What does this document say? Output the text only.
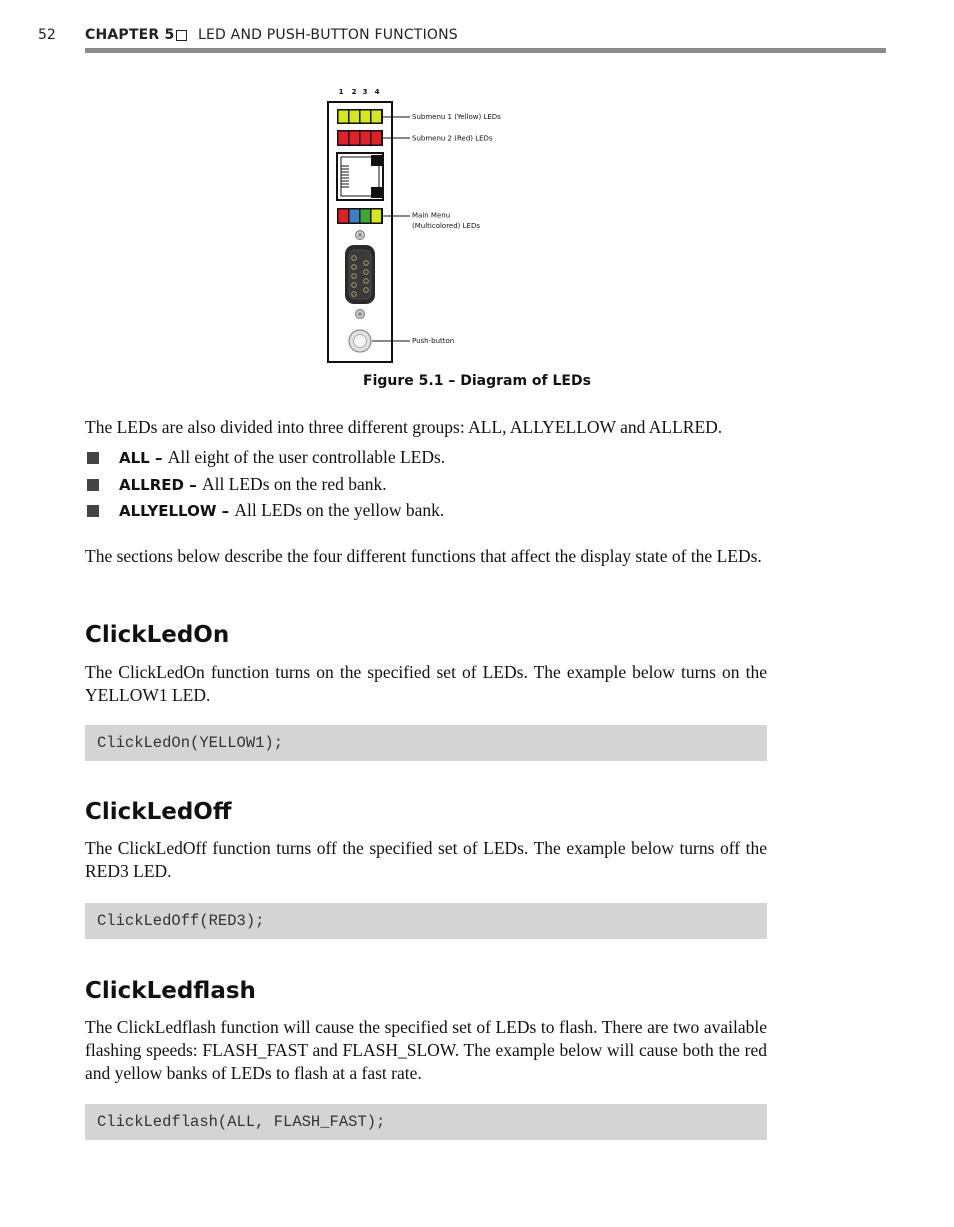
52 CHAPTER 5 LED AND PUSH-BUTTON FUNCTIONS
1 2 3 4
Submenu 1 (Yellow) LEDs
Submenu 2 (Red) LEDs
Main Menu
(Multicolored) LEDs
Push-button
Figure 5.1 – Diagram of LEDs

The LEDs are also divided into three different groups: ALL, ALLYELLOW and ALLRED.

ALL – All eight of the user controllable LEDs.
ALLRED – All LEDs on the red bank.
ALLYELLOW – All LEDs on the yellow bank.

The sections below describe the four different functions that affect the display state of the LEDs.

ClickLedOn

The ClickLedOn function turns on the specified set of LEDs. The example below turns on the YELLOW1 LED.

ClickLedOn(YELLOW1);
ClickLedOff

The ClickLedOff function turns off the specified set of LEDs. The example below turns off the RED3 LED.

ClickLedOff(RED3);
ClickLedflash

The ClickLedflash function will cause the specified set of LEDs to flash. There are two available flashing speeds: FLASH_FAST and FLASH_SLOW. The example below will cause both the red and yellow banks of LEDs to flash at a fast rate.

ClickLedflash(ALL, FLASH_FAST);
